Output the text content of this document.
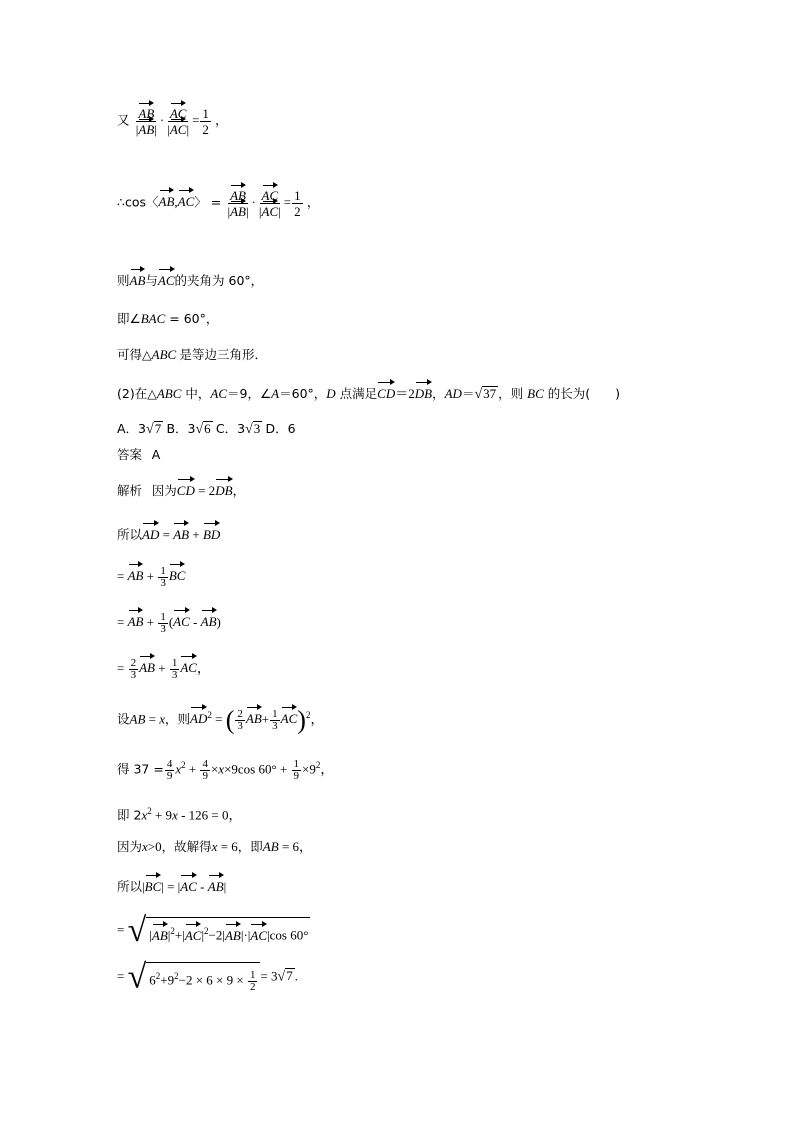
又 $\frac{AB}{|AB|} \cdot \frac{AC}{|AC|} = \frac{1}{2}$ ，
∴cos〈AB,AC〉 = $\frac{AB}{|AB|} \cdot \frac{AC}{|AC|} = \frac{1}{2}$ ，
则AB与AC的夹角为 60°，
即∠BAC = 60°，
可得△ABC 是等边三角形．
(2)在△ABC 中，AC＝9，∠A＝60°，D 点满足CD＝2DB，AD＝√37 ，则 BC 的长为(　　)
A．3√7 B．3√6 C．3√3 D．6
答案 A
解析 因为CD = 2DB，
所以AD = AB + BD
= AB + $\frac{1}{3}$ BC
= AB + $\frac{1}{3} (AC - AB)$
= $\frac{2}{3}$ AB + $\frac{1}{3}$ AC，
设AB = x，则$AD^2$ = ( $\frac{2}{3} AB+ \frac{1}{3} AC)^2$，
得 $37 = \frac{4}{9} x^2 + \frac{4}{9} \times x\times 9\cos$ $60^\circ + \frac{1}{9} \times 9^2$，
即 $2x^2 + 9x - 126 = 0$，
因为x>0，故解得x = 6，即AB = 6，
所以|BC| = |AC - AB|
= √ $|AB|^2+|AC|^2-2|AB|\cdot|AC|\cos$ 60°
= √ $6^2+9^2-2 \times 6 \times 9 \times \frac{1}{2} = 3√7$ .
